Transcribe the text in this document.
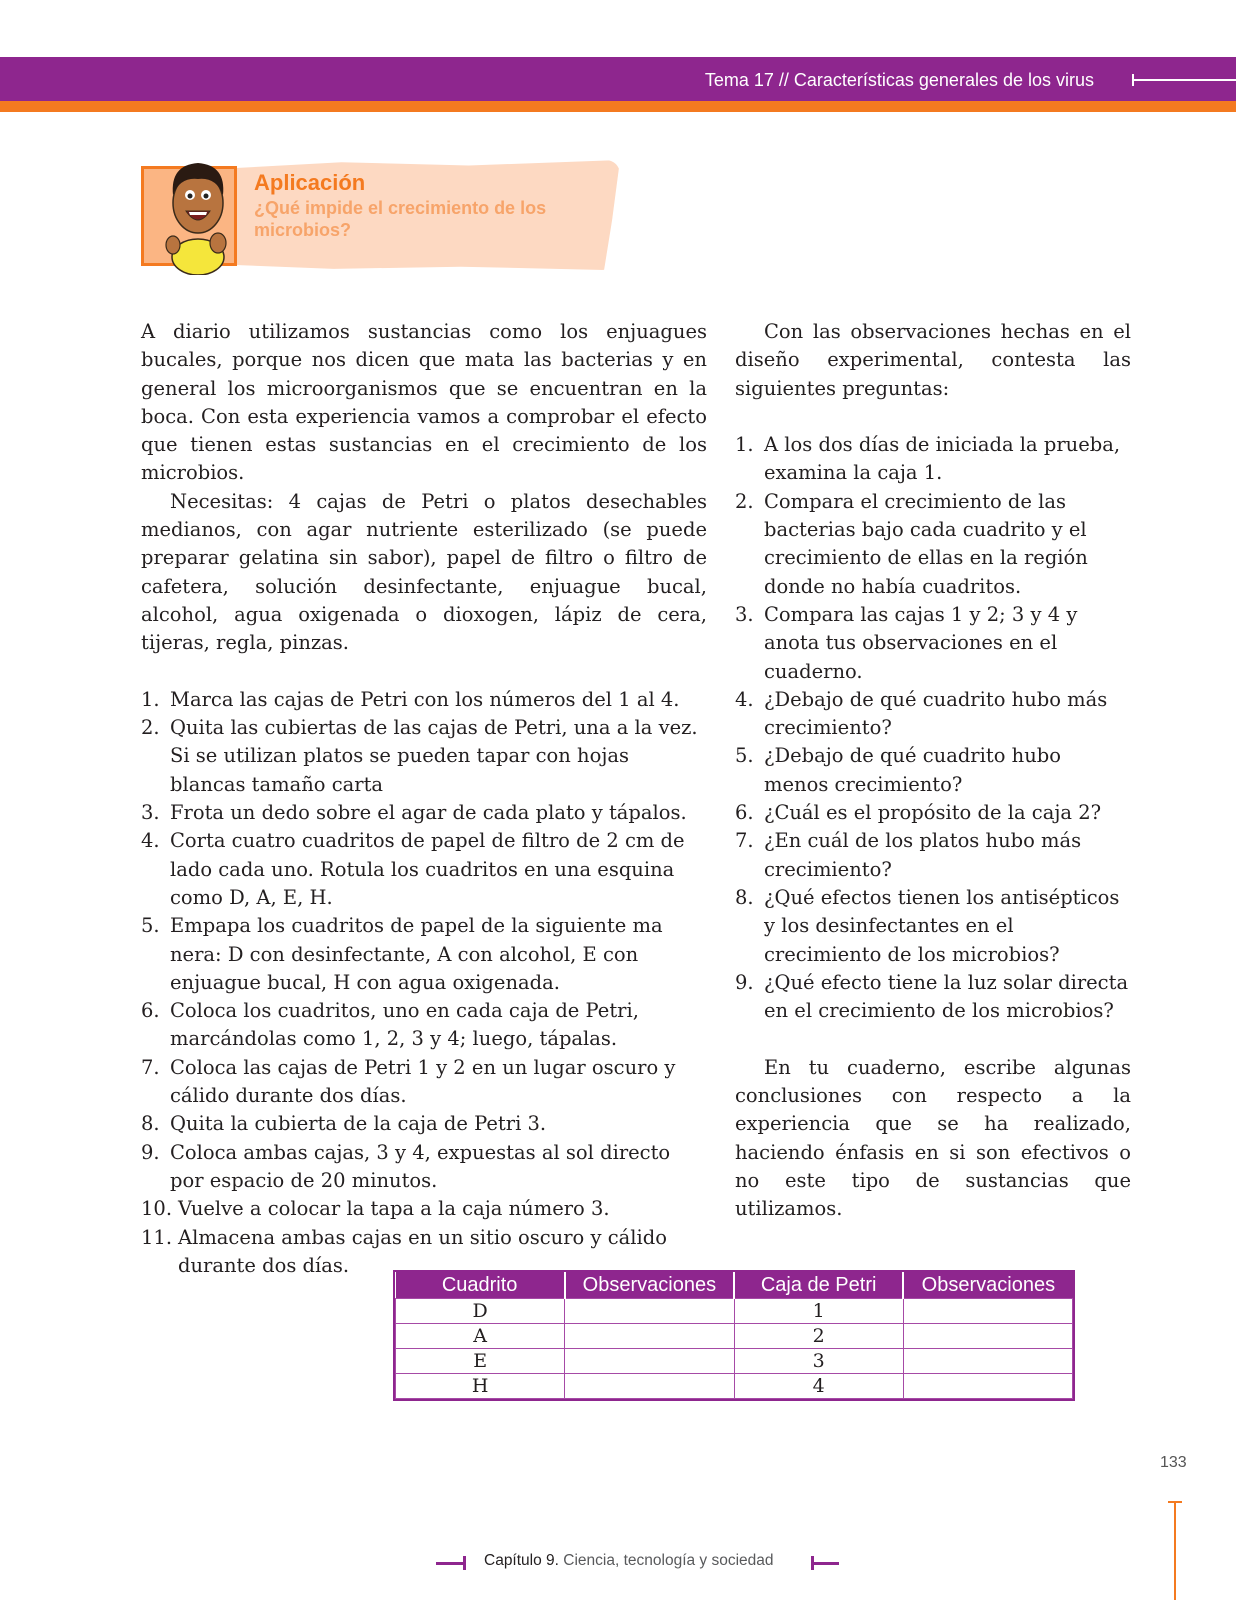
Tema 17 // Características generales de los virus
Aplicación
¿Qué impide el crecimiento de los microbios?

A diario utilizamos sustancias como los enjuagues bucales, porque nos dicen que mata las bacterias y en general los microorganismos que se encuentran en la boca. Con esta experiencia vamos a comprobar el efecto que tienen estas sustancias en el crecimiento de los microbios.

Necesitas: 4 cajas de Petri o platos desechables medianos, con agar nutriente esterilizado (se puede preparar gelatina sin sabor), papel de filtro o filtro de cafetera, solución desinfectante, enjuague bucal, alcohol, agua oxigenada o dioxogen, lápiz de cera, tijeras, regla, pinzas.

1. Marca las cajas de Petri con los números del 1 al 4.
2. Quita las cubiertas de las cajas de Petri, una a la vez. Si se utilizan platos se pueden tapar con hojas blancas tamaño carta
3. Frota un dedo sobre el agar de cada plato y tápalos.
4. Corta cuatro cuadritos de papel de filtro de 2 cm de lado cada uno. Rotula los cuadritos en una esquina como D, A, E, H.
5. Empapa los cuadritos de papel de la siguiente ma nera: D con desinfectante, A con alcohol, E con enjuague bucal, H con agua oxigenada.
6. Coloca los cuadritos, uno en cada caja de Petri, marcándolas como 1, 2, 3 y 4; luego, tápalas.
7. Coloca las cajas de Petri 1 y 2 en un lugar oscuro y cálido durante dos días.
8. Quita la cubierta de la caja de Petri 3.
9. Coloca ambas cajas, 3 y 4, expuestas al sol directo por espacio de 20 minutos.
10. Vuelve a colocar la tapa a la caja número 3.
11. Almacena ambas cajas en un sitio oscuro y cálido durante dos días.

Con las observaciones hechas en el diseño experimental, contesta las siguientes preguntas:

1. A los dos días de iniciada la prueba, examina la caja 1.
2. Compara el crecimiento de las bacterias bajo cada cuadrito y el crecimiento de ellas en la región donde no había cuadritos.
3. Compara las cajas 1 y 2; 3 y 4 y anota tus observaciones en el cuaderno.
4. ¿Debajo de qué cuadrito hubo más crecimiento?
5. ¿Debajo de qué cuadrito hubo menos crecimiento?
6. ¿Cuál es el propósito de la caja 2?
7. ¿En cuál de los platos hubo más crecimiento?
8. ¿Qué efectos tienen los antisépticos y los desinfectantes en el crecimiento de los microbios?
9. ¿Qué efecto tiene la luz solar directa en el crecimiento de los microbios?

En tu cuaderno, escribe algunas conclusiones con respecto a la experiencia que se ha realizado, haciendo énfasis en si son efectivos o no este tipo de sustancias que utilizamos.

Cuadrito	Observaciones	Caja de Petri	Observaciones
D		1	
A		2	
E		3	
H		4	
133
Capítulo 9. Ciencia, tecnología y sociedad
